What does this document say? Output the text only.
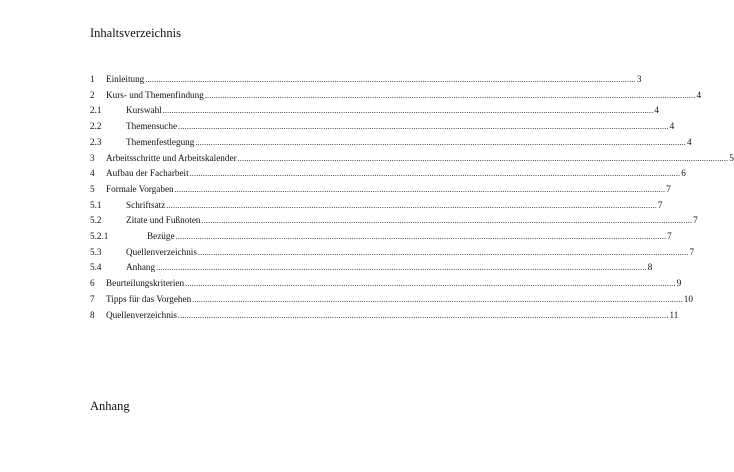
Inhaltsverzeichnis
1 Einleitung ............................................................................................................................................................................................................................... 3
2 Kurs- und Themenfindung ............................................................................................................................................................................................................................... 4
2.1	Kurswahl ............................................................................................................................................................................................................................... 4
2.2	Themensuche ............................................................................................................................................................................................................................... 4
2.3	Themenfestlegung ............................................................................................................................................................................................................................... 4
3 Arbeitsschritte und Arbeitskalender ............................................................................................................................................................................................................................... 5
4 Aufbau der Facharbeit ............................................................................................................................................................................................................................... 6
5 Formale Vorgaben ............................................................................................................................................................................................................................... 7
5.1	Schriftsatz ............................................................................................................................................................................................................................... 7
5.2	Zitate und Fußnoten ............................................................................................................................................................................................................................... 7
5.2.1	Bezüge ............................................................................................................................................................................................................................... 7
5.3	Quellenverzeichnis ............................................................................................................................................................................................................................... 7
5.4	Anhang ............................................................................................................................................................................................................................... 8
6 Beurteilungskriterien ............................................................................................................................................................................................................................... 9
7 Tipps für das Vorgehen ............................................................................................................................................................................................................................... 10
8 Quellenverzeichnis ............................................................................................................................................................................................................................... 11
Anhang
